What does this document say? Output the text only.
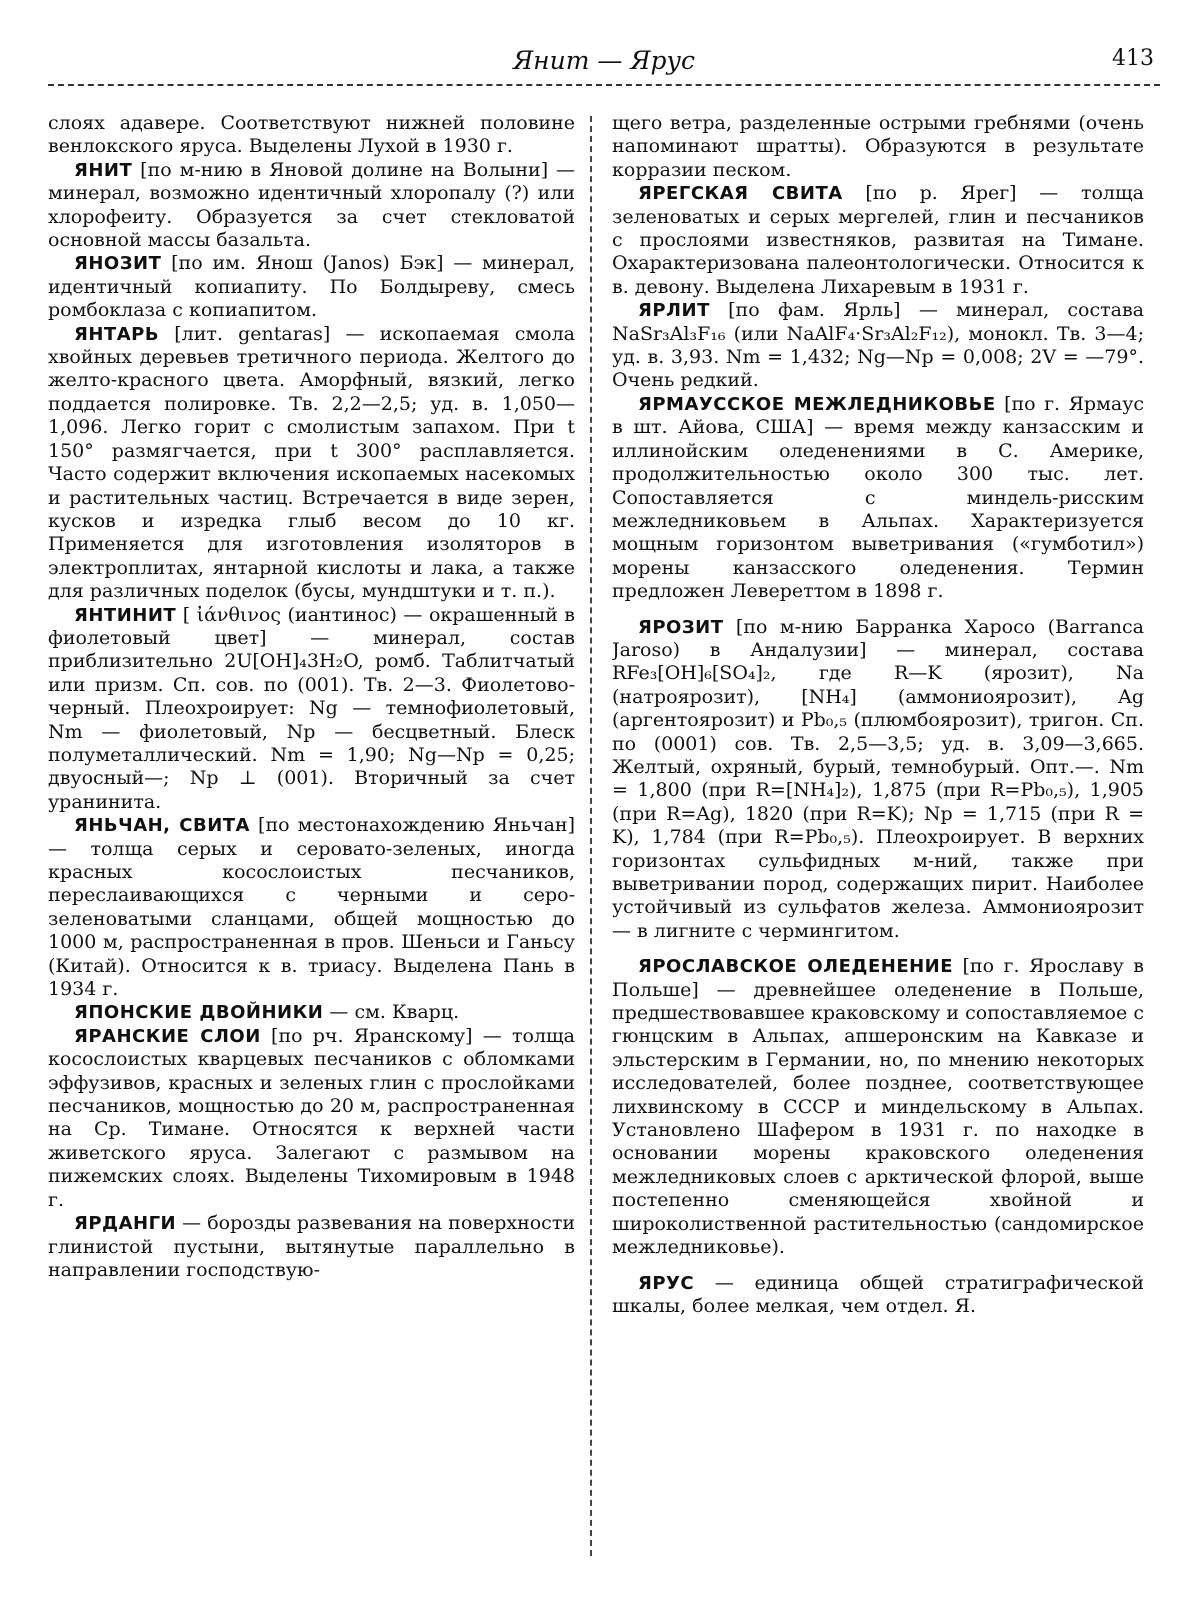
Янит — Ярус	413

слоях адавере. Соответствуют нижней половине венлокского яруса. Выделены Луxой в 1930 г.

ЯНИТ [по м-нию в Яновой долине на Волыни] — минерал, возможно идентичный хлоропалу (?) или хлорофеиту. Образуется за счет стекловатой основной массы базальта.

ЯНОЗИТ [по им. Янош (Janos) Бэк] — минерал, идентичный копиапиту. По Болдыреву, смесь ромбоклаза с копиапитом.

ЯНТАРЬ [лит. gentaras] — ископаемая смола хвойных деревьев третичного периода. Желтого до желто-красного цвета. Аморфный, вязкий, легко поддается полировке. Тв. 2,2—2,5; уд. в. 1,050—1,096. Легко горит с смолистым запахом. При t 150° размягчается, при t 300° расплавляется. Часто содержит включения ископаемых насекомых и растительных частиц. Встречается в виде зерен, кусков и изредка глыб весом до 10 кг. Применяется для изготовления изоляторов в электроплитах, янтарной кислоты и лака, а также для различных поделок (бусы, мундштуки и т. п.).

ЯНТИНИТ [ ἰάνθινος (иантинос) — окрашенный в фиолетовый цвет] — минерал, состав приблизительно 2U[OH]₄3H₂O, ромб. Таблитчатый или призм. Сп. сов. по (001). Тв. 2—3. Фиолетово-черный. Плеохроирует: Ng — темнофиолетовый, Nm — фиолетовый, Np — бесцветный. Блеск полуметаллический. Nm = 1,90; Ng—Np = 0,25; двуосный—; Np ⊥ (001). Вторичный за счет уранинита.

ЯНЬЧАН, СВИТА [по местонахождению Яньчан] — толща серых и серовато-зеленых, иногда красных косослоистых песчаников, переслаивающихся с черными и серо-зеленоватыми сланцами, общей мощностью до 1000 м, распространенная в пров. Шеньси и Ганьсу (Китай). Относится к в. триасу. Выделена Пань в 1934 г.

ЯПОНСКИЕ ДВОЙНИКИ — см. Кварц.

ЯРАНСКИЕ СЛОИ [по рч. Яранскому] — толща косослоистых кварцевых песчаников с обломками эффузивов, красных и зеленых глин с прослойками песчаников, мощностью до 20 м, распространенная на Ср. Тимане. Относятся к верхней части живетского яруса. Залегают с размывом на пижемских слоях. Выделены Тихомировым в 1948 г.

ЯРДАНГИ — борозды развевания на поверхности глинистой пустыни, вытянутые параллельно в направлении господствую-

щего ветра, разделенные острыми гребнями (очень напоминают шратты). Образуются в результате корразии песком.

ЯРЕГСКАЯ СВИТА [по р. Ярег] — толща зеленоватых и серых мергелей, глин и песчаников с прослоями известняков, развитая на Тимане. Охарактеризована палеонтологически. Относится к в. девону. Выделена Лихаревым в 1931 г.

ЯРЛИТ [по фам. Ярль] — минерал, состава NaSr₃Al₃F₁₆ (или NaAlF₄·Sr₃Al₂F₁₂), монокл. Тв. 3—4; уд. в. 3,93. Nm = 1,432; Ng—Np = 0,008; 2V = —79°. Очень редкий.

ЯРМАУССКОЕ МЕЖЛЕДНИКОВЬЕ [по г. Ярмаус в шт. Айова, США] — время между канзасским и иллинойским оледенениями в С. Америке, продолжительностью около 300 тыс. лет. Сопоставляется с миндель-рисским межледниковьем в Альпах. Характеризуется мощным горизонтом выветривания («гумботил») морены канзасского оледенения. Термин предложен Левереттом в 1898 г.

ЯРОЗИТ [по м-нию Барранка Харосо (Barranca Jaroso) в Андалузии] — минерал, состава RFe₃[OH]₆[SO₄]₂, где R—K (ярозит), Na (натроярозит), [NH₄] (аммониоярозит), Ag (аргентоярозит) и Pb₀,₅ (плюмбоярозит), тригон. Сп. по (0001) сов. Тв. 2,5—3,5; уд. в. 3,09—3,665. Желтый, охряный, бурый, темнобурый. Опт.—. Nm = 1,800 (при R=[NH₄]₂), 1,875 (при R=Pb₀,₅), 1,905 (при R=Ag), 1820 (при R=K); Np = 1,715 (при R = K), 1,784 (при R=Pb₀,₅). Плеохроирует. В верхних горизонтах сульфидных м-ний, также при выветривании пород, содержащих пирит. Наиболее устойчивый из сульфатов железа. Аммониоярозит — в лигните с чермингитом.

ЯРОСЛАВСКОЕ ОЛЕДЕНЕНИЕ [по г. Ярославу в Польше] — древнейшее оледенение в Польше, предшествовавшее краковскому и сопоставляемое с гюнцским в Альпах, апшеронским на Кавказе и эльстерским в Германии, но, по мнению некоторых исследователей, более позднее, соответствующее лихвинскому в СССР и миндельскому в Альпах. Установлено Шафером в 1931 г. по находке в основании морены краковского оледенения межледниковых слоев с арктической флорой, выше постепенно сменяющейся хвойной и широколиственной растительностью (сандомирское межледниковье).

ЯРУС — единица общей стратиграфической шкалы, более мелкая, чем отдел. Я.
